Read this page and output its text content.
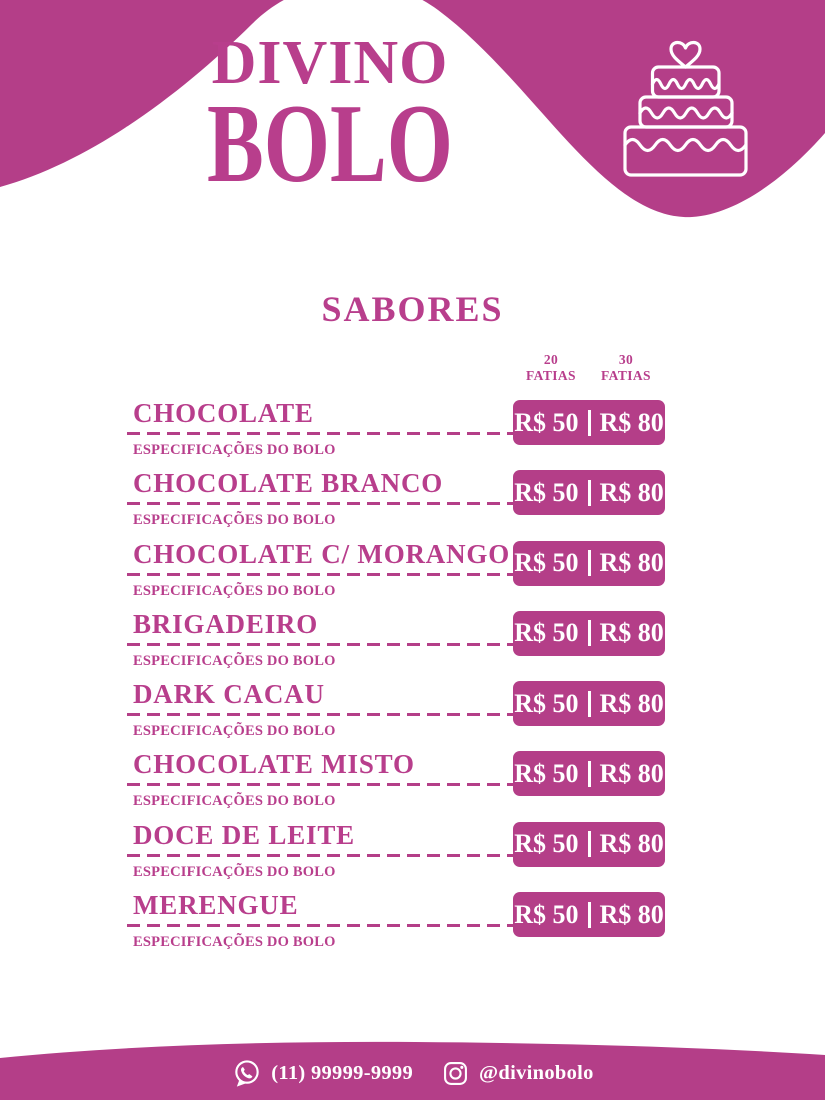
DIVINO
BOLO
SABORES
20
FATIAS
30
FATIAS
CHOCOLATE
ESPECIFICAÇÕES DO BOLO
R$ 50 R$ 80
CHOCOLATE BRANCO
ESPECIFICAÇÕES DO BOLO
R$ 50 R$ 80
CHOCOLATE C/ MORANGO
ESPECIFICAÇÕES DO BOLO
R$ 50 R$ 80
BRIGADEIRO
ESPECIFICAÇÕES DO BOLO
R$ 50 R$ 80
DARK CACAU
ESPECIFICAÇÕES DO BOLO
R$ 50 R$ 80
CHOCOLATE MISTO
ESPECIFICAÇÕES DO BOLO
R$ 50 R$ 80
DOCE DE LEITE
ESPECIFICAÇÕES DO BOLO
R$ 50 R$ 80
MERENGUE
ESPECIFICAÇÕES DO BOLO
R$ 50 R$ 80
(11) 99999-9999	@divinobolo
